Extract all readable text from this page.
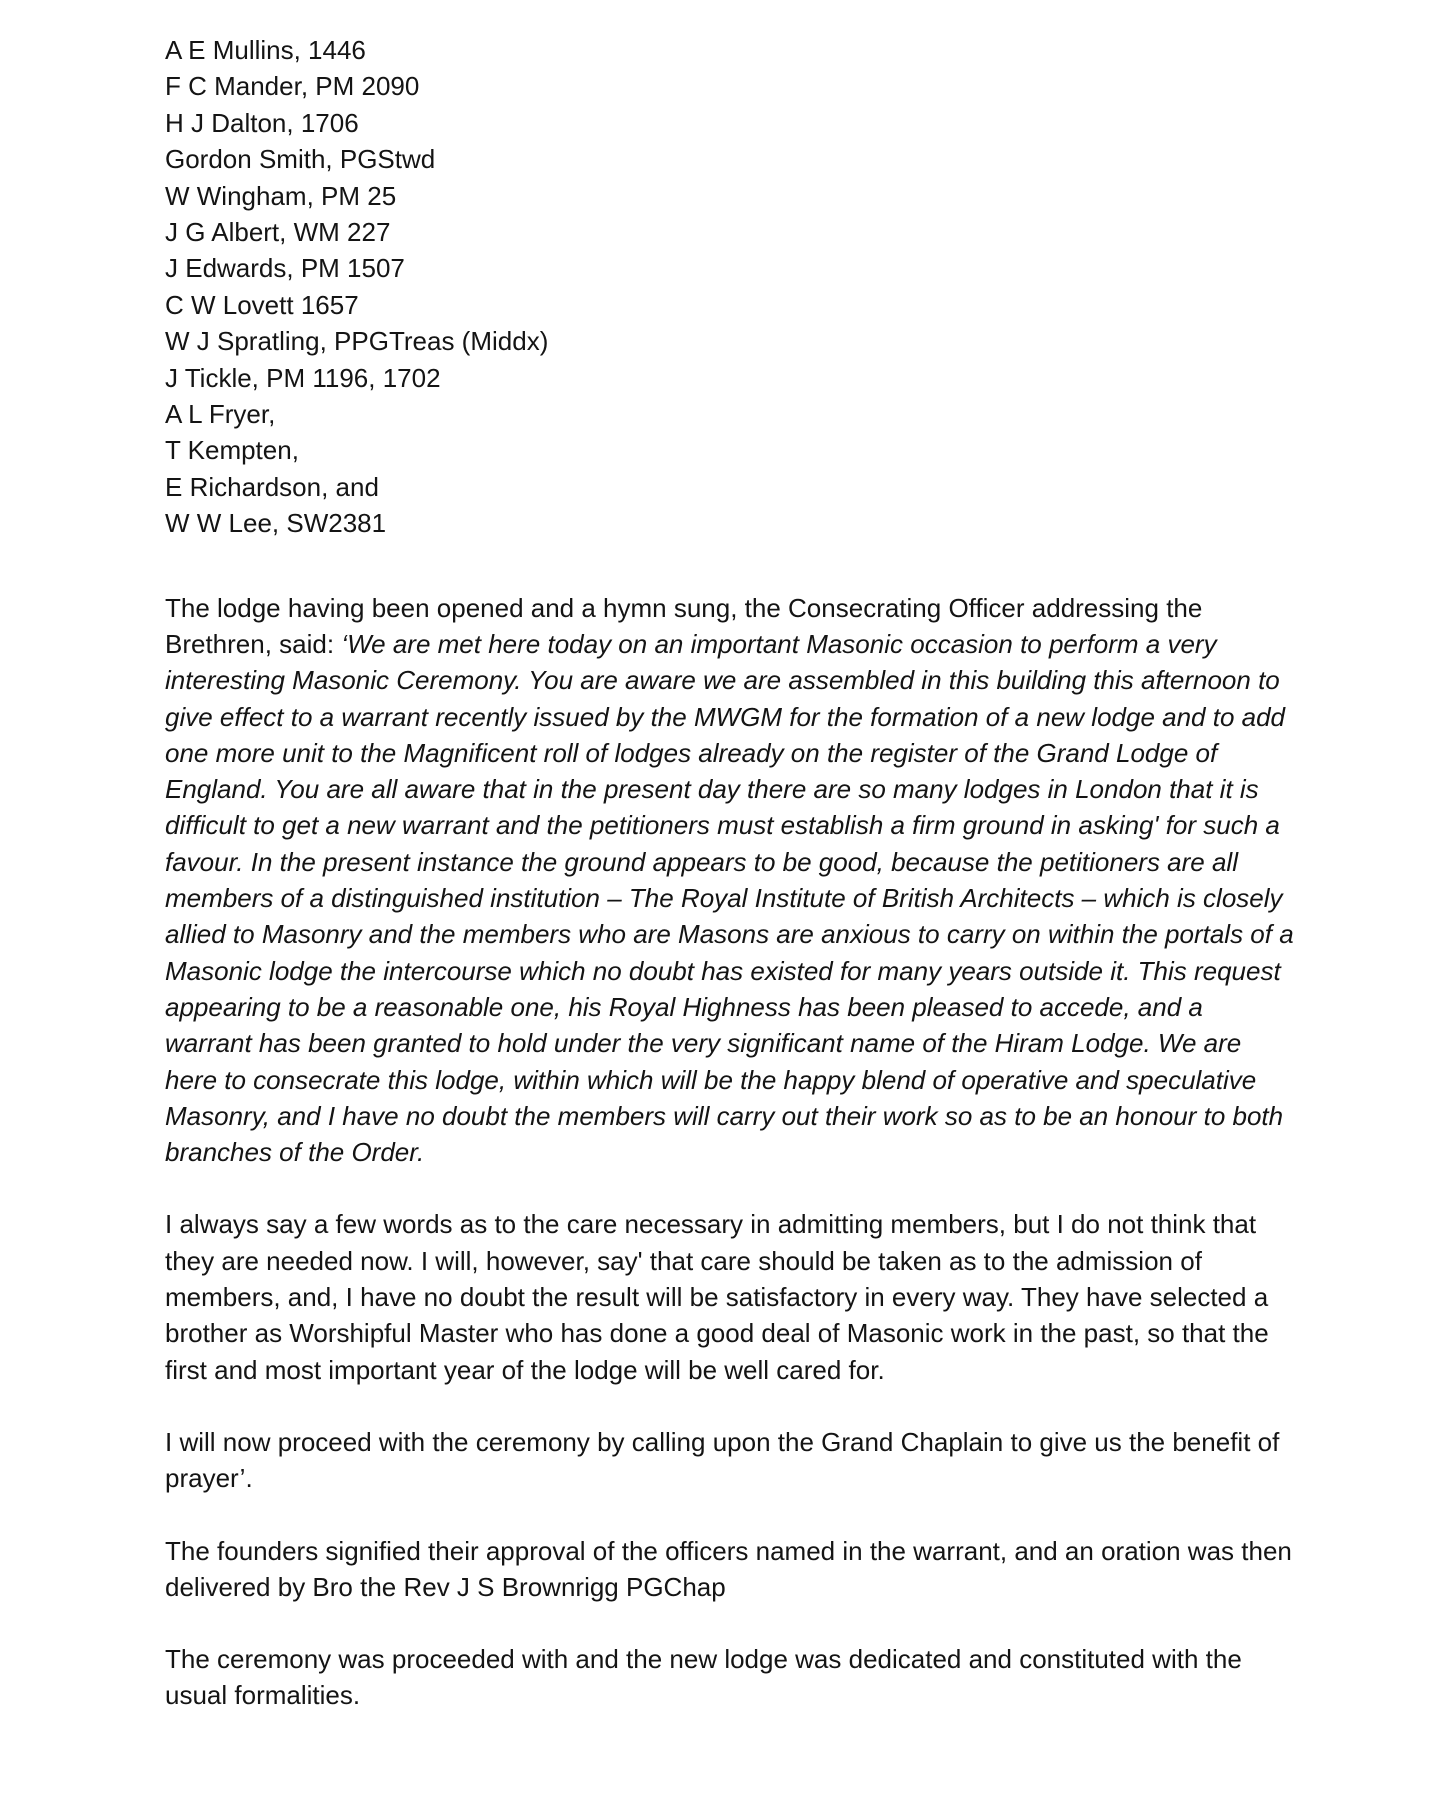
A E Mullins, 1446
F C Mander, PM 2090
H J Dalton, 1706
Gordon Smith, PGStwd
W Wingham, PM 25
J G Albert, WM 227
J Edwards, PM 1507
C W Lovett 1657
W J Spratling, PPGTreas (Middx)
J Tickle, PM 1196, 1702
A L Fryer,
T Kempten,
E Richardson, and
W W Lee, SW2381

The lodge having been opened and a hymn sung, the Consecrating Officer addressing the Brethren, said: ‘We are met here today on an important Masonic occasion to perform a very interesting Masonic Ceremony. You are aware we are assembled in this building this afternoon to give effect to a warrant recently issued by the MWGM for the formation of a new lodge and to add one more unit to the Magnificent roll of lodges already on the register of the Grand Lodge of England. You are all aware that in the present day there are so many lodges in London that it is difficult to get a new warrant and the petitioners must establish a firm ground in asking' for such a favour. In the present instance the ground appears to be good, because the petitioners are all members of a distinguished institution – The Royal Institute of British Architects – which is closely allied to Masonry and the members who are Masons are anxious to carry on within the portals of a Masonic lodge the intercourse which no doubt has existed for many years outside it. This request appearing to be a reasonable one, his Royal Highness has been pleased to accede, and a warrant has been granted to hold under the very significant name of the Hiram Lodge. We are here to consecrate this lodge, within which will be the happy blend of operative and speculative Masonry, and I have no doubt the members will carry out their work so as to be an honour to both branches of the Order.

I always say a few words as to the care necessary in admitting members, but I do not think that they are needed now. I will, however, say' that care should be taken as to the admission of members, and, I have no doubt the result will be satisfactory in every way. They have selected a brother as Worshipful Master who has done a good deal of Masonic work in the past, so that the first and most important year of the lodge will be well cared for.

I will now proceed with the ceremony by calling upon the Grand Chaplain to give us the benefit of prayer’.

The founders signified their approval of the officers named in the warrant, and an oration was then delivered by Bro the Rev J S Brownrigg PGChap

The ceremony was proceeded with and the new lodge was dedicated and constituted with the usual formalities.
